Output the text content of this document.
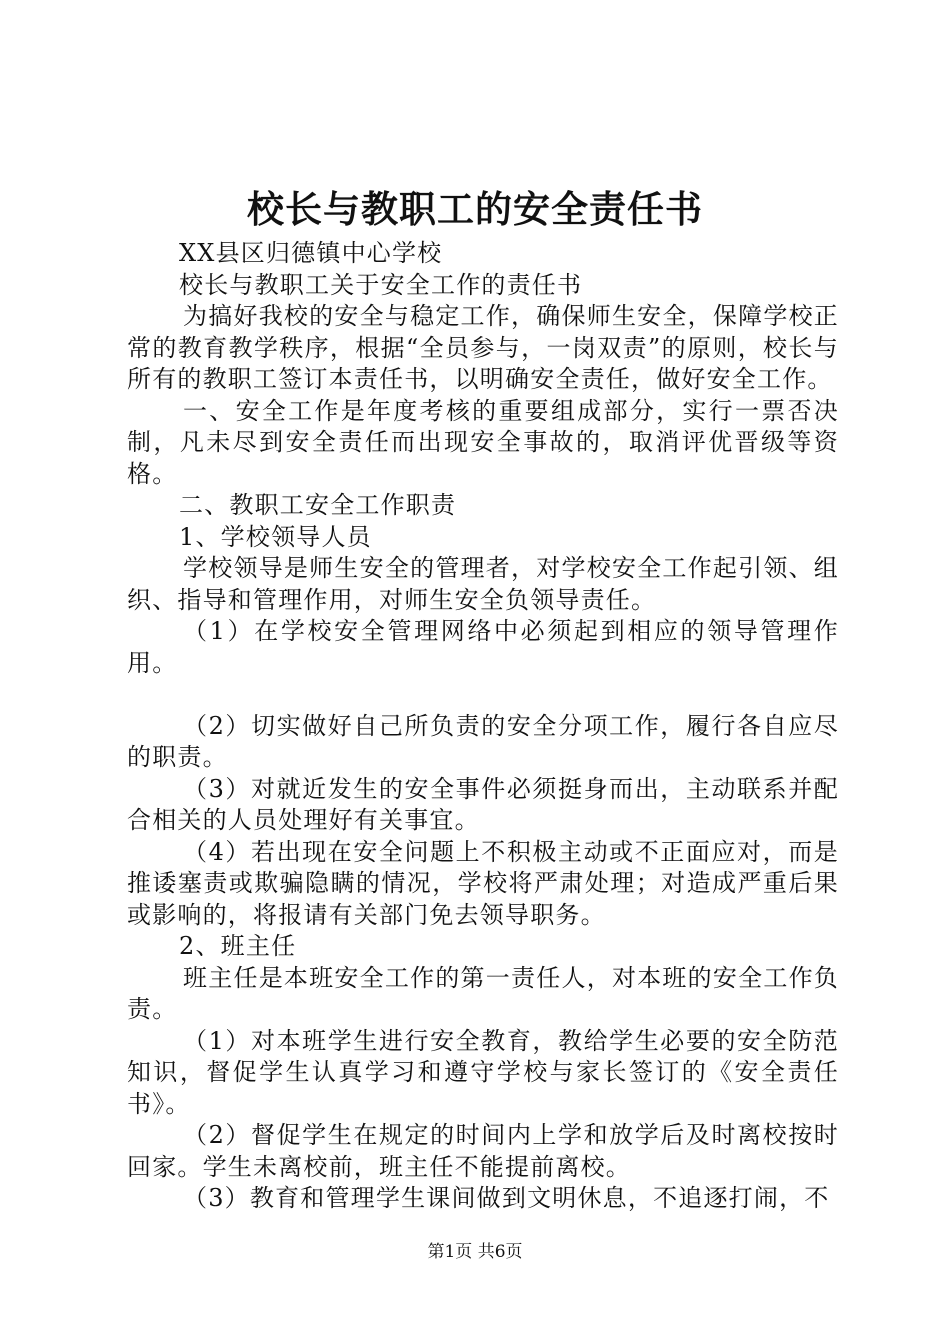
校长与教职工的安全责任书

XX县区归德镇中心学校

校长与教职工关于安全工作的责任书

为搞好我校的安全与稳定工作，确保师生安全，保障学校正常的教育教学秩序，根据“全员参与，一岗双责”的原则，校长与所有的教职工签订本责任书，以明确安全责任，做好安全工作。

一、安全工作是年度考核的重要组成部分，实行一票否决制，凡未尽到安全责任而出现安全事故的，取消评优晋级等资格。

二、教职工安全工作职责

1、学校领导人员

学校领导是师生安全的管理者，对学校安全工作起引领、组织、指导和管理作用，对师生安全负领导责任。

（1）在学校安全管理网络中必须起到相应的领导管理作用。

（2）切实做好自己所负责的安全分项工作，履行各自应尽的职责。

（3）对就近发生的安全事件必须挺身而出，主动联系并配合相关的人员处理好有关事宜。

（4）若出现在安全问题上不积极主动或不正面应对，而是推诿塞责或欺骗隐瞒的情况，学校将严肃处理；对造成严重后果或影响的，将报请有关部门免去领导职务。

2、班主任

班主任是本班安全工作的第一责任人，对本班的安全工作负责。

（1）对本班学生进行安全教育，教给学生必要的安全防范知识，督促学生认真学习和遵守学校与家长签订的《安全责任书》。

（2）督促学生在规定的时间内上学和放学后及时离校按时回家。学生未离校前，班主任不能提前离校。

（3）教育和管理学生课间做到文明休息，不追逐打闹，不

第1页 共6页
